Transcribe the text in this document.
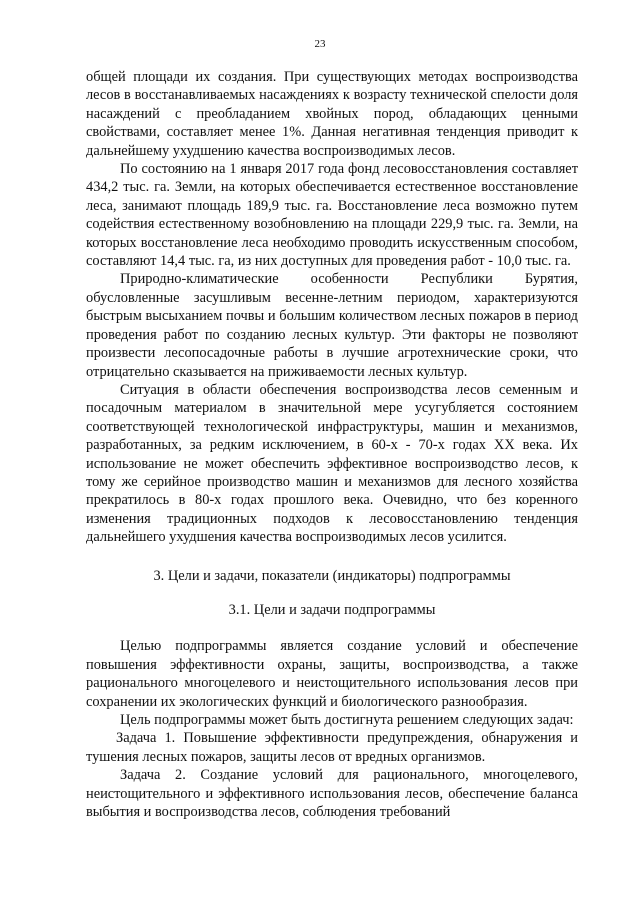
23

общей площади их создания. При существующих методах воспроизводства лесов в восстанавливаемых насаждениях к возрасту технической спелости доля насаждений с преобладанием хвойных пород, обладающих ценными свойствами, составляет менее 1%. Данная негативная тенденция приводит к дальнейшему ухудшению качества воспроизводимых лесов.

По состоянию на 1 января 2017 года фонд лесовосстановления составляет 434,2 тыс. га. Земли, на которых обеспечивается естественное восстановление леса, занимают площадь 189,9 тыс. га. Восстановление леса возможно путем содействия естественному возобновлению на площади 229,9 тыс. га. Земли, на которых восстановление леса необходимо проводить искусственным способом, составляют 14,4 тыс. га, из них доступных для проведения работ - 10,0 тыс. га.

Природно-климатические особенности Республики Бурятия, обусловленные засушливым весенне-летним периодом, характеризуются быстрым высыханием почвы и большим количеством лесных пожаров в период проведения работ по созданию лесных культур. Эти факторы не позволяют произвести лесопосадочные работы в лучшие агротехнические сроки, что отрицательно сказывается на приживаемости лесных культур.

Ситуация в области обеспечения воспроизводства лесов семенным и посадочным материалом в значительной мере усугубляется состоянием соответствующей технологической инфраструктуры, машин и механизмов, разработанных, за редким исключением, в 60-х - 70-х годах XX века. Их использование не может обеспечить эффективное воспроизводство лесов, к тому же серийное производство машин и механизмов для лесного хозяйства прекратилось в 80-х годах прошлого века. Очевидно, что без коренного изменения традиционных подходов к лесовосстановлению тенденция дальнейшего ухудшения качества воспроизводимых лесов усилится.

3. Цели и задачи, показатели (индикаторы) подпрограммы

3.1. Цели и задачи подпрограммы

Целью подпрограммы является создание условий и обеспечение повышения эффективности охраны, защиты, воспроизводства, а также рационального многоцелевого и неистощительного использования лесов при сохранении их экологических функций и биологического разнообразия.

Цель подпрограммы может быть достигнута решением следующих задач:

Задача 1. Повышение эффективности предупреждения, обнаружения и тушения лесных пожаров, защиты лесов от вредных организмов.

Задача 2. Создание условий для рационального, многоцелевого, неистощительного и эффективного использования лесов, обеспечение баланса выбытия и воспроизводства лесов, соблюдения требований
